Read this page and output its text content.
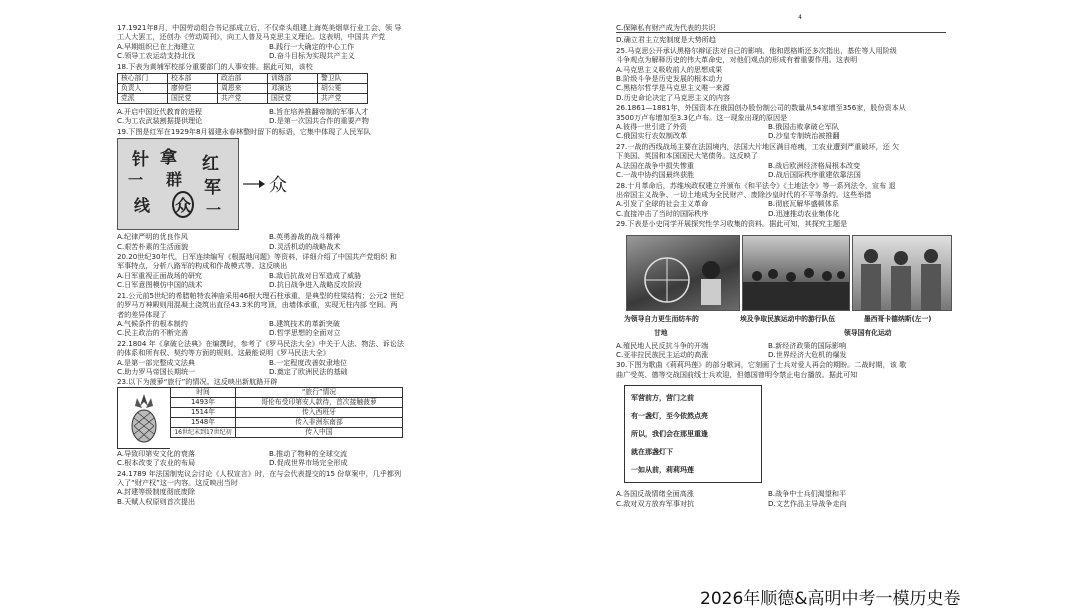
17.1921年8月，中国劳动组合书记部成立后，不仅牵头组建上海英美烟草行业工会、领 导
工人大罢工，还创办《劳动周刊》，向工人普及马克思主义理论。这表明，中国共 产党
A.早期组织已在上海建立	B.践行一大确定的中心工作
C.领导工农运动支持北伐	D.奋斗目标为实现共产主义
18.下表为黄埔军校部分重要部门的人事安排。据此可知，该校
核心部门	校本部	政治部	训练部	警卫队
负责人	廖仲恺	周恩来	邓演达	胡公冕
党派	国民党	共产党	国民党	共产党
A.开启中国近代教育的进程	B.旨在培养推翻帝制的军事人才
C.为工农武装割据提供理论	D.是第一次国共合作的重要产物
19.下图是红军在1929年8月福建永春林整时留下的标语，它集中体现了人民军队
针 拿 红
一 群 军
线 众 一
众
A.纪律严明的优良作风	B.英勇善战的战斗精神
C.艰苦朴素的生活面貌	D.灵活机动的战略战术
20.20世纪30年代，日军连续编写《根据地问题》等资料，详细介绍了中国共产党组织 和
军事特点，分析八路军的构成和作战模式等。这反映出
A.日军重视正面战场的研究	B.敌后抗战对日军造成了威胁
C.日军意图模仿中国的战术	D.抗日战争进入战略反攻阶段
21.公元前5世纪的希腊帕特农神庙采用46根大理石柱承重，是典型的柱梁结构；公元2 世纪
的罗马万神殿则用混凝土浇筑出直径43.3米的穹顶，由墙体承重，实现无柱内部 空间。两
者的差异体现了
A.气候条件的根本制约	B.建筑技术的革新突破
C.民主政治的不断完善	D.哲学思想的全面对立
22.1804 年《拿破仑法典》在编撰时，参考了《罗马民法大全》中关于人法、物法、诉讼法
的体系和所有权、契约等方面的规则。这最能说明《罗马民法大全》
A.是第一部完整成文法典	B.一定程度改善奴隶地位
C.助力罗马帝国长期统一	D.奠定了欧洲民法的基础
23.以下为菠萝“旅行”的情况。这反映出新航路开辟
时间	“旅行”情况
1493年	哥伦布受印第安人款待，首次接触菠萝
1514年	传入西班牙
1548年	传入非洲东南部
16世纪末到17世纪初	传入中国
A.导致印第安文化的衰落	B.推动了物种的全球交流
C.根本改变了农业的布局	D.促成世界市场完全形成
24.1789 年法国制宪议会讨论《人权宣言》时，在与会代表提交的15 份草案中，几乎都列
入了“财产权”这一内容。这反映出当时
A.封建等级制度彻底废除
B.天赋人权原则首次提出
4
C.保障私有财产成为代表的共识
D.确立君主立宪制度是大势所趋
25.马克思公开承认黑格尔辩证法对自己的影响，他和恩格斯还多次指出，基佐等人用阶级
斗争观点为解释历史的伟大革命史，对他们观点的形成有着重要作用。这表明
A.马克思主义吸收前人的思想成果
B.阶级斗争是历史发展的根本动力
C.黑格尔哲学是马克思主义唯一来源
D.历史命论决定了马克思主义的内容
26.1861—1881年，外国资本在俄国创办股份制公司的数量从54家增至356家，股份资本从
3500万卢布增加至3.3亿卢布。这一现象出现的原因是
A.彼得一世引进了外资	B.俄国击败拿破仑军队
C.俄国实行农奴制改革	D.沙皇专制统治被推翻
27.一战的西线战场主要在法国境内，法国大片地区满目疮痍，工农业遭到严重破坏，还 欠
下美国、英国和本国国民大笔债务。这反映了
A.法国在战争中损失惨重	B.战后欧洲经济格局根本改变
C.一战中协约国最终获胜	D.战后国际秩序重建依靠法国
28.十月革命后，苏维埃政权建立并颁布《和平法令》《土地法令》等一系列法令，宣布 退
出帝国主义战争、一切土地成为全民财产、废除沙皇时代的不平等条约。这些举措
A.引发了全球的社会主义革命	B.彻底瓦解华盛顿体系
C.直接冲击了当时的国际秩序	D.迅速推动农业集体化
29.下表是小史同学开展探究性学习收集的资料。据此可知，其探究主题是
为领导自力更生而纺车的	埃及争取民族运动中的游行队伍	墨西哥卡德纳斯(左一)
甘地	领导国有化运动
A.殖民地人民反抗斗争的开端	B.新经济政策的国际影响
C.亚非拉民族民主运动的高涨	D.世界经济大危机的爆发
30.下图为歌曲《莉莉玛莲》的部分歌词，它刻画了士兵对爱人再会的期盼。二战时期，该 歌
曲广受英、德等交战国前线士兵欢迎，但德国曾明令禁止电台播放。据此可知
军营前方，营门之前
有一盏灯，至今依然点亮
所以，我们会在那里重逢
就在那盏灯下
一如从前，莉莉玛莲
A.各国反战情绪全面高涨	B.战争中士兵们渴望和平
C.敌对双方放弃军事对抗	D.文艺作品主导战争走向
2026年顺德&高明中考一模历史卷
